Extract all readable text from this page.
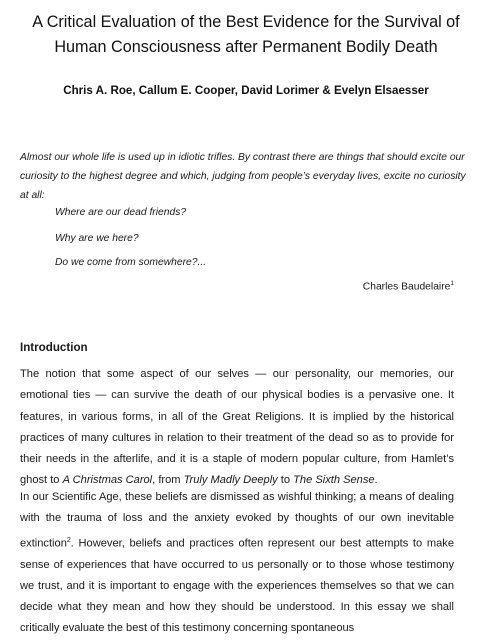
A Critical Evaluation of the Best Evidence for the Survival of
Human Consciousness after Permanent Bodily Death
Chris A. Roe, Callum E. Cooper, David Lorimer & Evelyn Elsaesser
Almost our whole life is used up in idiotic trifles. By contrast there are things that should excite our curiosity to the highest degree and which, judging from people’s everyday lives, excite no curiosity at all:
Where are our dead friends?
Why are we here?
Do we come from somewhere?...
Charles Baudelaire$^1$
Introduction
The notion that some aspect of our selves — our personality, our memories, our emotional ties — can survive the death of our physical bodies is a pervasive one. It features, in various forms, in all of the Great Religions. It is implied by the historical practices of many cultures in relation to their treatment of the dead so as to provide for their needs in the afterlife, and it is a staple of modern popular culture, from Hamlet’s ghost to A Christmas Carol, from Truly Madly Deeply to The Sixth Sense.
In our Scientific Age, these beliefs are dismissed as wishful thinking; a means of dealing with the trauma of loss and the anxiety evoked by thoughts of our own inevitable extinction$^2$. However, beliefs and practices often represent our best attempts to make sense of experiences that have occurred to us personally or to those whose testimony we trust, and it is important to engage with the experiences themselves so that we can decide what they mean and how they should be understood. In this essay we shall critically evaluate the best of this testimony concerning spontaneous
